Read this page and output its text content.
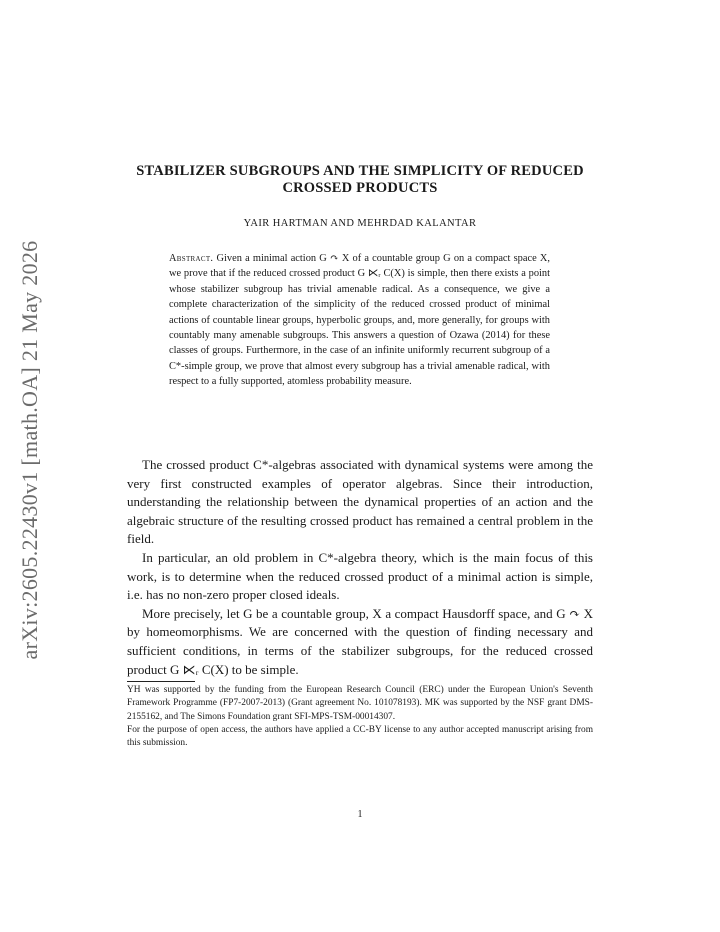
arXiv:2605.22430v1 [math.OA] 21 May 2026
STABILIZER SUBGROUPS AND THE SIMPLICITY OF REDUCED CROSSED PRODUCTS
YAIR HARTMAN AND MEHRDAD KALANTAR
Abstract. Given a minimal action G ↷ X of a countable group G on a compact space X, we prove that if the reduced crossed product G ⋉ᵣ C(X) is simple, then there exists a point whose stabilizer subgroup has trivial amenable radical. As a consequence, we give a complete characterization of the simplicity of the reduced crossed product of minimal actions of countable linear groups, hyperbolic groups, and, more generally, for groups with countably many amenable subgroups. This answers a question of Ozawa (2014) for these classes of groups. Furthermore, in the case of an infinite uniformly recurrent subgroup of a C*-simple group, we prove that almost every subgroup has a trivial amenable radical, with respect to a fully supported, atomless probability measure.

The crossed product C*-algebras associated with dynamical systems were among the very first constructed examples of operator algebras. Since their introduction, understanding the relationship between the dynamical properties of an action and the algebraic structure of the resulting crossed product has remained a central problem in the field.

In particular, an old problem in C*-algebra theory, which is the main focus of this work, is to determine when the reduced crossed product of a minimal action is simple, i.e. has no non-zero proper closed ideals.

More precisely, let G be a countable group, X a compact Hausdorff space, and G ↷ X by homeomorphisms. We are concerned with the question of finding necessary and sufficient conditions, in terms of the stabilizer subgroups, for the reduced crossed product G ⋉ᵣ C(X) to be simple.

YH was supported by the funding from the European Research Council (ERC) under the European Union's Seventh Framework Programme (FP7-2007-2013) (Grant agreement No. 101078193). MK was supported by the NSF grant DMS-2155162, and The Simons Foundation grant SFI-MPS-TSM-00014307.

For the purpose of open access, the authors have applied a CC-BY license to any author accepted manuscript arising from this submission.

1
